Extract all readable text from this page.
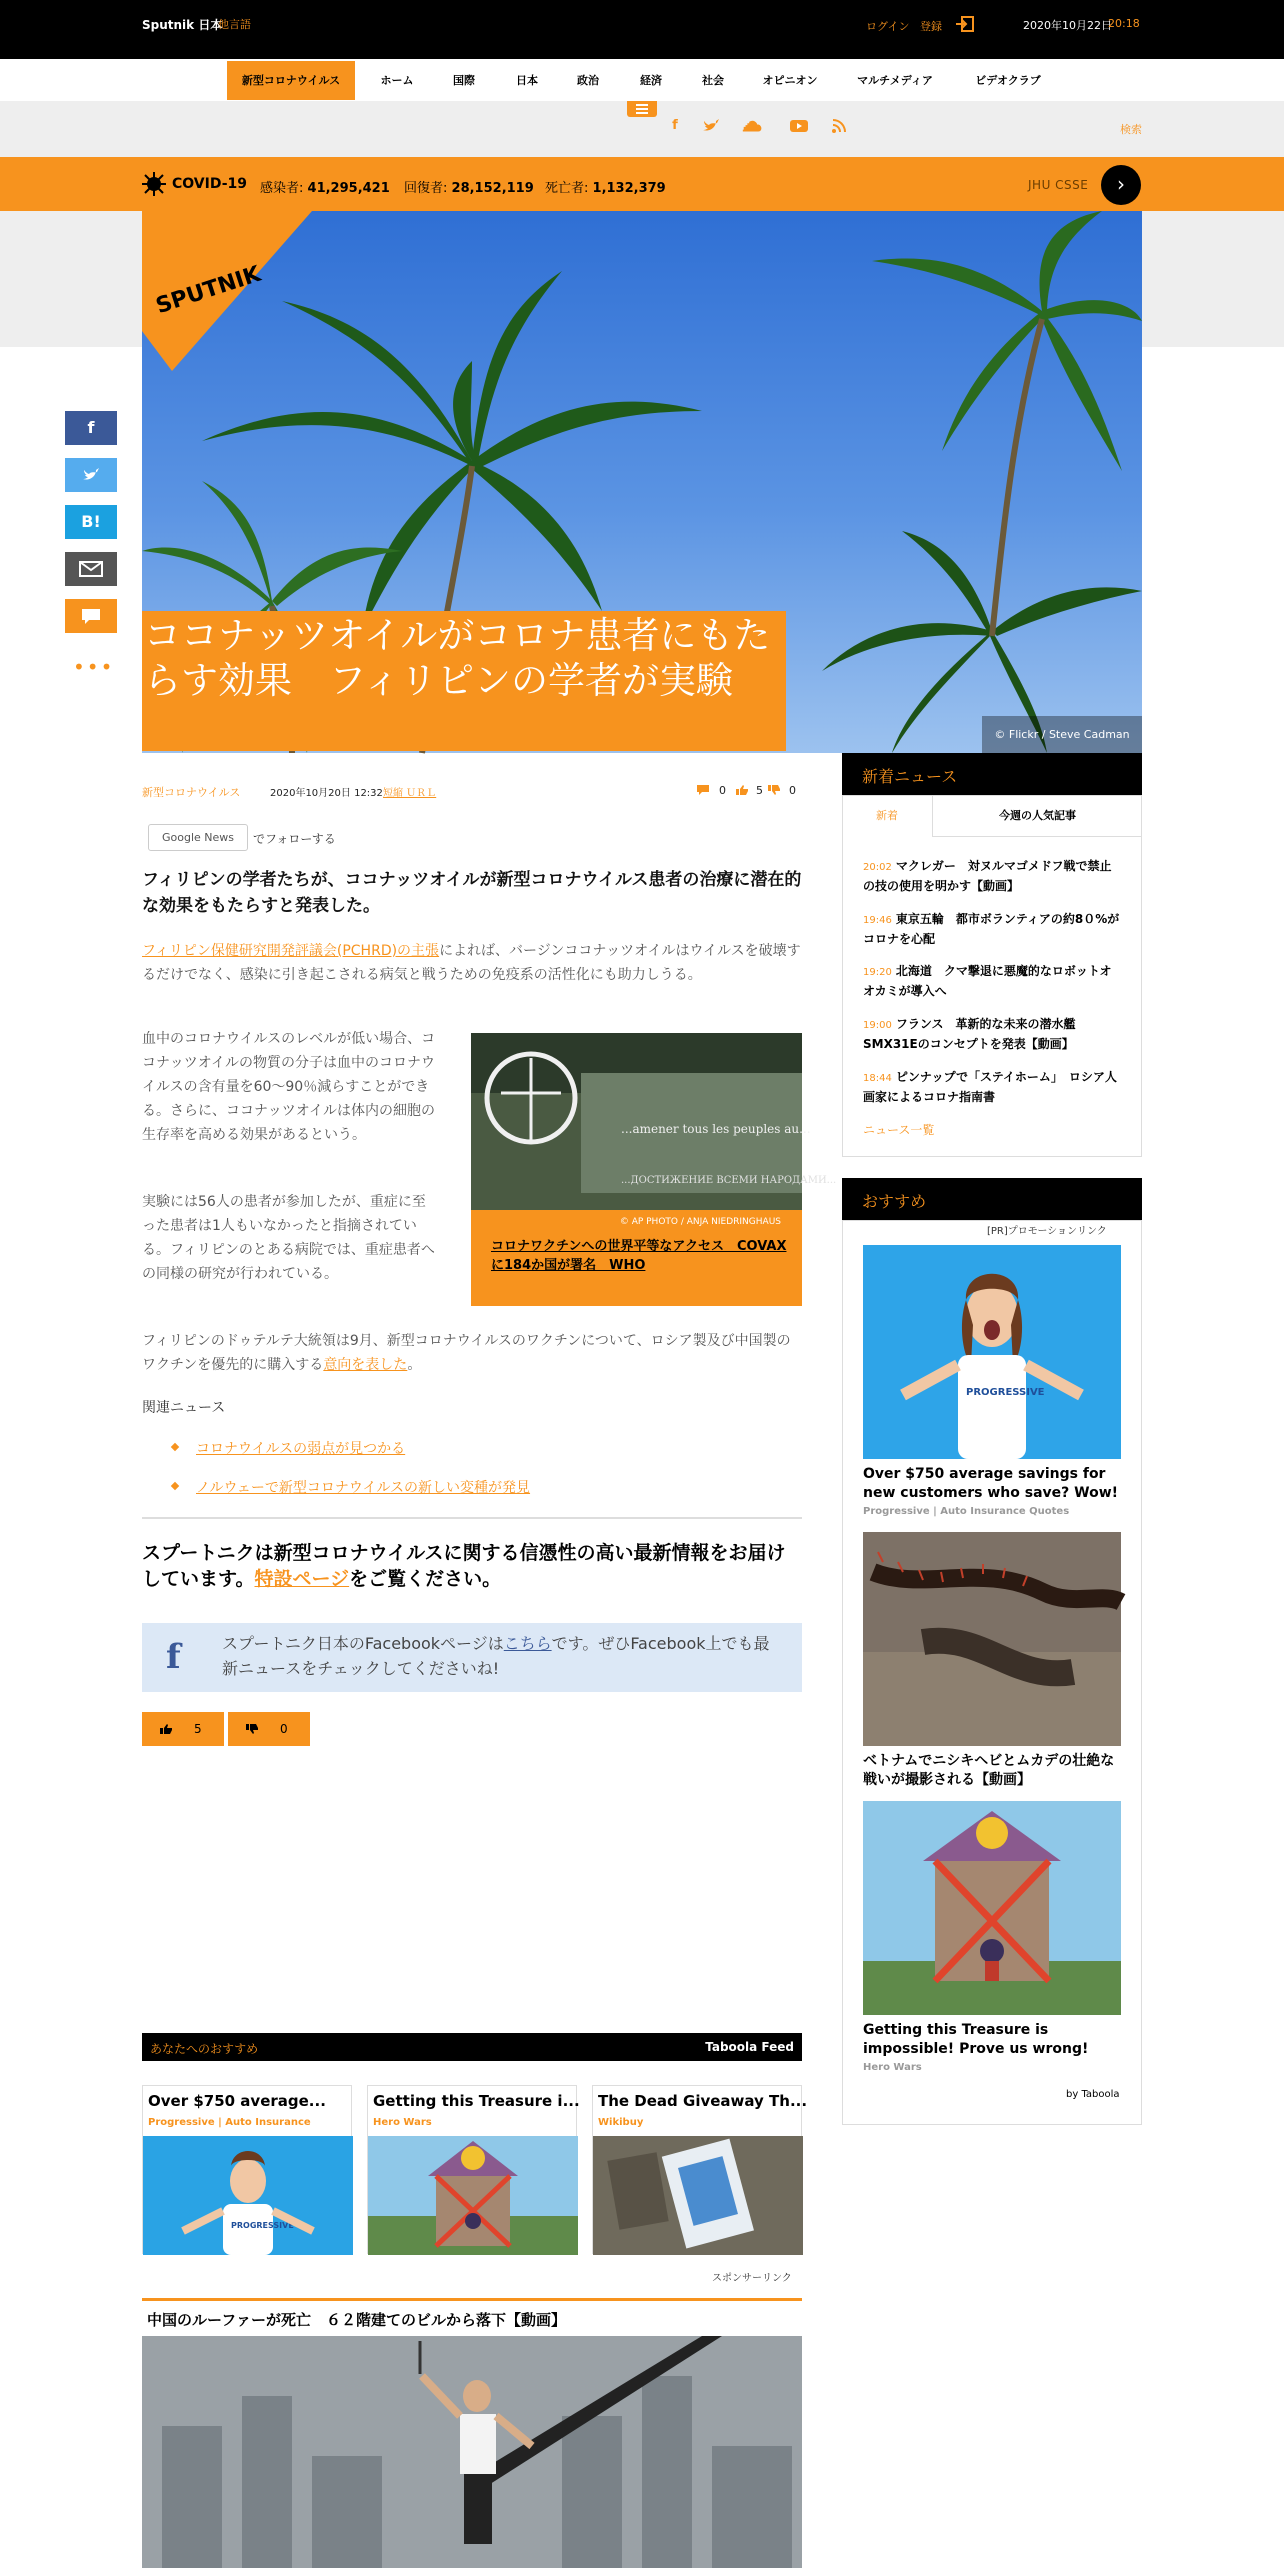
Sputnik 日本
他言語	ログイン 登録	2020年10月22日
20:18
新型コロナウイルス	ホーム	国際	日本	政治	経済	社会	オピニオン	マルチメディア	ビデオクラブ
f	検索
COVID-19 感染者: 41,295,421 回復者: 28,152,119 死亡者: 1,132,379	JHU CSSE	›
SPUTNIK
ココナッツオイルがコロナ患者にもたらす効果　フィリピンの学者が実験
© Flickr / Steve Cadman
f
B!
•••
新型コロナウイルス	2020年10月20日 12:32 短縮 ＵＲＬ	0	5 0
Google News	でフォローする
フィリピンの学者たちが、ココナッツオイルが新型コロナウイルス患者の治療に潜在的な効果をもたらすと発表した。
フィリピン保健研究開発評議会(PCHRD)の主張によれば、バージンココナッツオイルはウイルスを破壊するだけでなく、感染に引き起こされる病気と戦うための免疫系の活性化にも助力しうる。
血中のコロナウイルスのレベルが低い場合、ココナッツオイルの物質の分子は血中のコロナウイルスの含有量を60〜90％減らすことができる。さらに、ココナッツオイルは体内の細胞の生存率を高める効果があるという。
実験には56人の患者が参加したが、重症に至った患者は1人もいなかったと指摘されている。フィリピンのとある病院では、重症患者への同様の研究が行われている。
...amener tous les peuples au...
...ДОСТИЖЕНИЕ ВСЕМИ НАРОДАМИ...
© AP PHOTO / ANJA NIEDRINGHAUS
コロナワクチンへの世界平等なアクセス　COVAXに184か国が署名　WHO
フィリピンのドゥテルテ大統領は9月、新型コロナウイルスのワクチンについて、ロシア製及び中国製のワクチンを優先的に購入する意向を表した。
関連ニュース
コロナウイルスの弱点が見つかる
ノルウェーで新型コロナウイルスの新しい変種が発見
スプートニクは新型コロナウイルスに関する信憑性の高い最新情報をお届けしています。特設ページをご覧ください。
f	スプートニク日本のFacebookページはこちらです。ぜひFacebook上でも最新ニュースをチェックしてくださいね!
5	0
あなたへのおすすめ	Taboola Feed
Over $750 average...
Progressive | Auto Insurance
PROGRESSIVE
Getting this Treasure i...
Hero Wars
The Dead Giveaway Th...
Wikibuy
スポンサーリンク
中国のルーファーが死亡　６２階建てのビルから落下【動画】
新着ニュース
新着	今週の人気記事
20:02 マクレガー　対ヌルマゴメドフ戦で禁止の技の使用を明かす【動画】
19:46 東京五輪　都市ボランティアの約8０%がコロナを心配
19:20 北海道　クマ撃退に悪魔的なロボットオオカミが導入へ
19:00 フランス　革新的な未来の潜水艦SMX31Eのコンセプトを発表【動画】
18:44 ピンナップで「ステイホーム」　ロシア人画家によるコロナ指南書
ニュース一覧
おすすめ
[PR]プロモーションリンク
PROGRESSIVE
Over $750 average savings for new customers who save? Wow!
Progressive | Auto Insurance Quotes
ベトナムでニシキヘビとムカデの壮絶な戦いが撮影される【動画】
Getting this Treasure is impossible! Prove us wrong!
Hero Wars
by Taboola
